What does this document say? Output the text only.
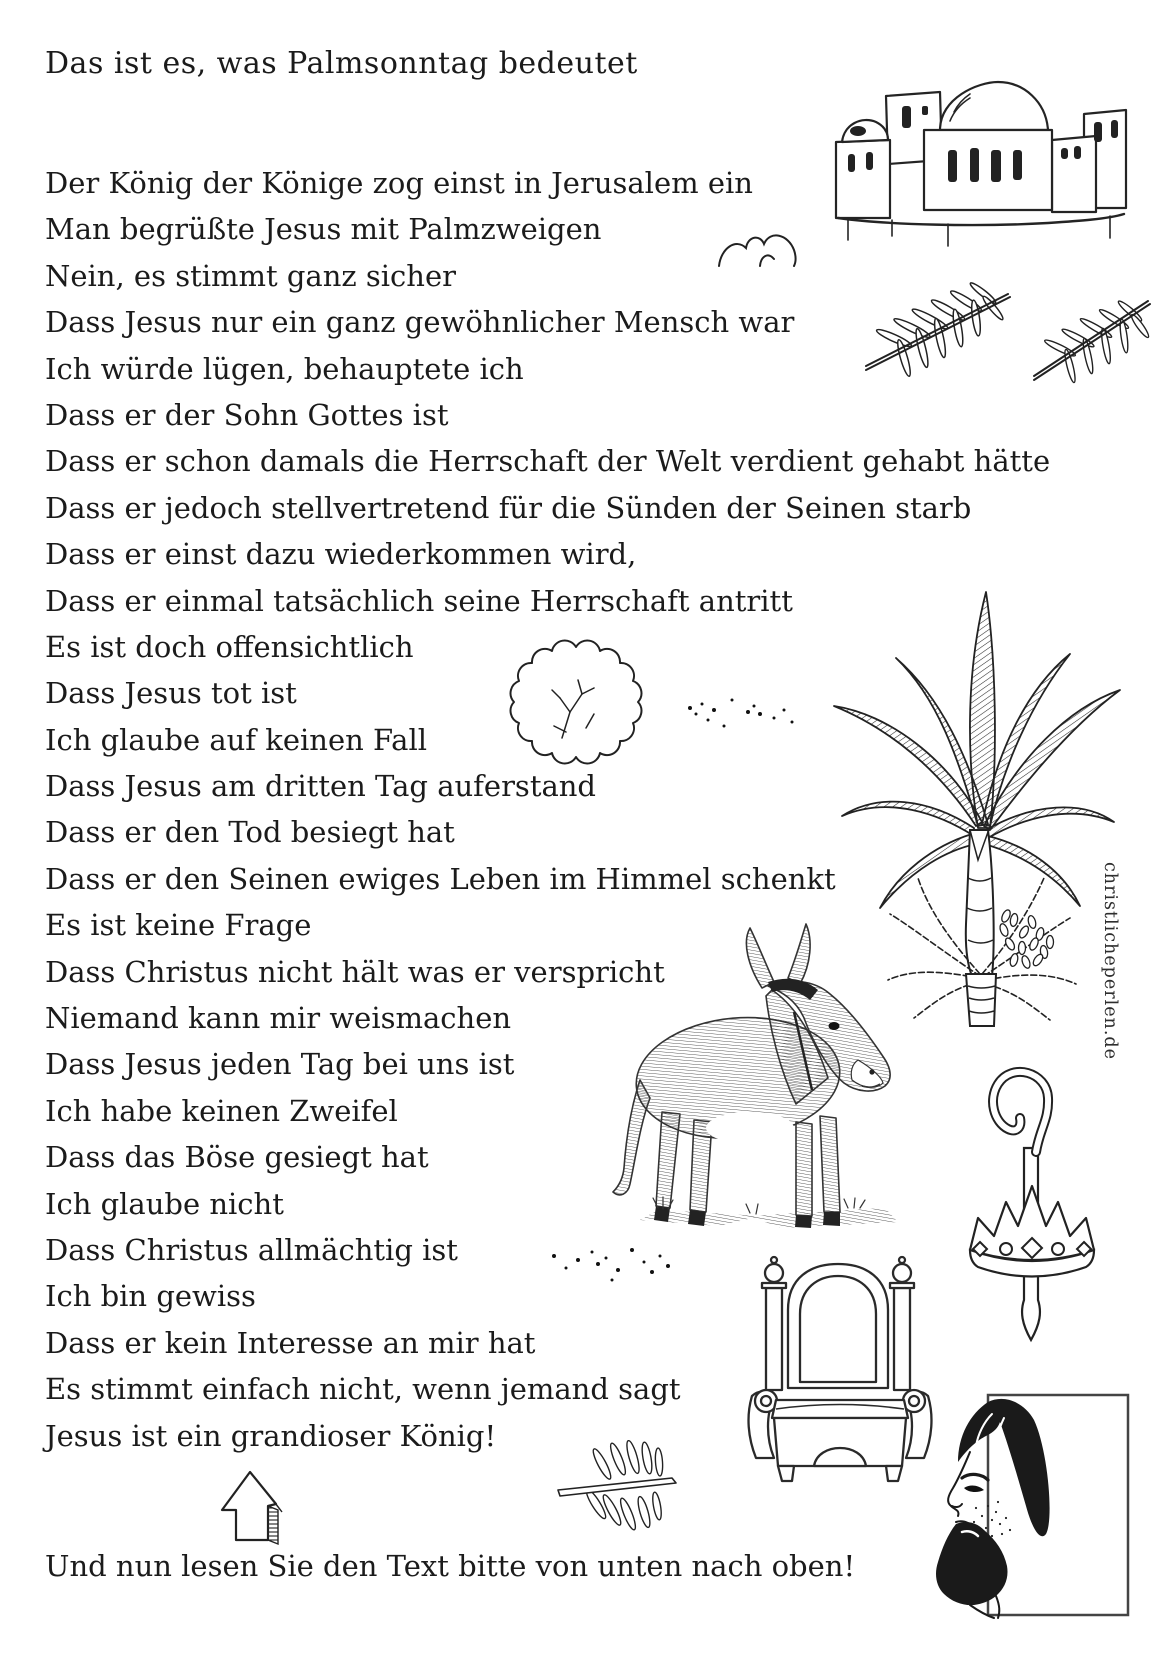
Das ist es, was Palmsonntag bedeutet
Der König der Könige zog einst in Jerusalem ein
Man begrüßte Jesus mit Palmzweigen
Nein, es stimmt ganz sicher
Dass Jesus nur ein ganz gewöhnlicher Mensch war
Ich würde lügen, behauptete ich
Dass er der Sohn Gottes ist
Dass er schon damals die Herrschaft der Welt verdient gehabt hätte
Dass er jedoch stellvertretend für die Sünden der Seinen starb
Dass er einst dazu wiederkommen wird,
Dass er einmal tatsächlich seine Herrschaft antritt
Es ist doch offensichtlich
Dass Jesus tot ist
Ich glaube auf keinen Fall
Dass Jesus am dritten Tag auferstand
Dass er den Tod besiegt hat
Dass er den Seinen ewiges Leben im Himmel schenkt
Es ist keine Frage
Dass Christus nicht hält was er verspricht
Niemand kann mir weismachen
Dass Jesus jeden Tag bei uns ist
Ich habe keinen Zweifel
Dass das Böse gesiegt hat
Ich glaube nicht
Dass Christus allmächtig ist
Ich bin gewiss
Dass er kein Interesse an mir hat
Es stimmt einfach nicht, wenn jemand sagt
Jesus ist ein grandioser König!
Und nun lesen Sie den Text bitte von unten nach oben!
christlicheperlen.de
